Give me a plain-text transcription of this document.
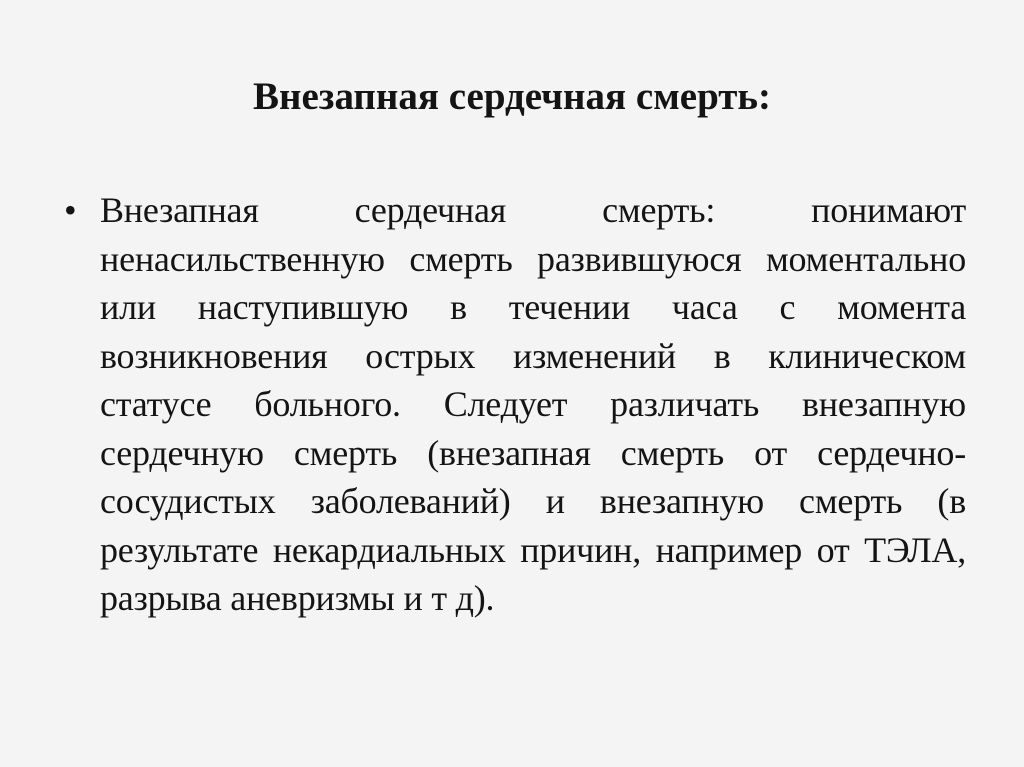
Внезапная сердечная смерть:
• Внезапная сердечная смерть: понимают ненасильственную смерть развившуюся моментально или наступившую в течении часа с момента возникновения острых изменений в клиническом статусе больного. Следует различать внезапную сердечную смерть (внезапная смерть от сердечно-сосудистых заболеваний) и внезапную смерть (в результате некардиальных причин, например от ТЭЛА, разрыва аневризмы и т д).
